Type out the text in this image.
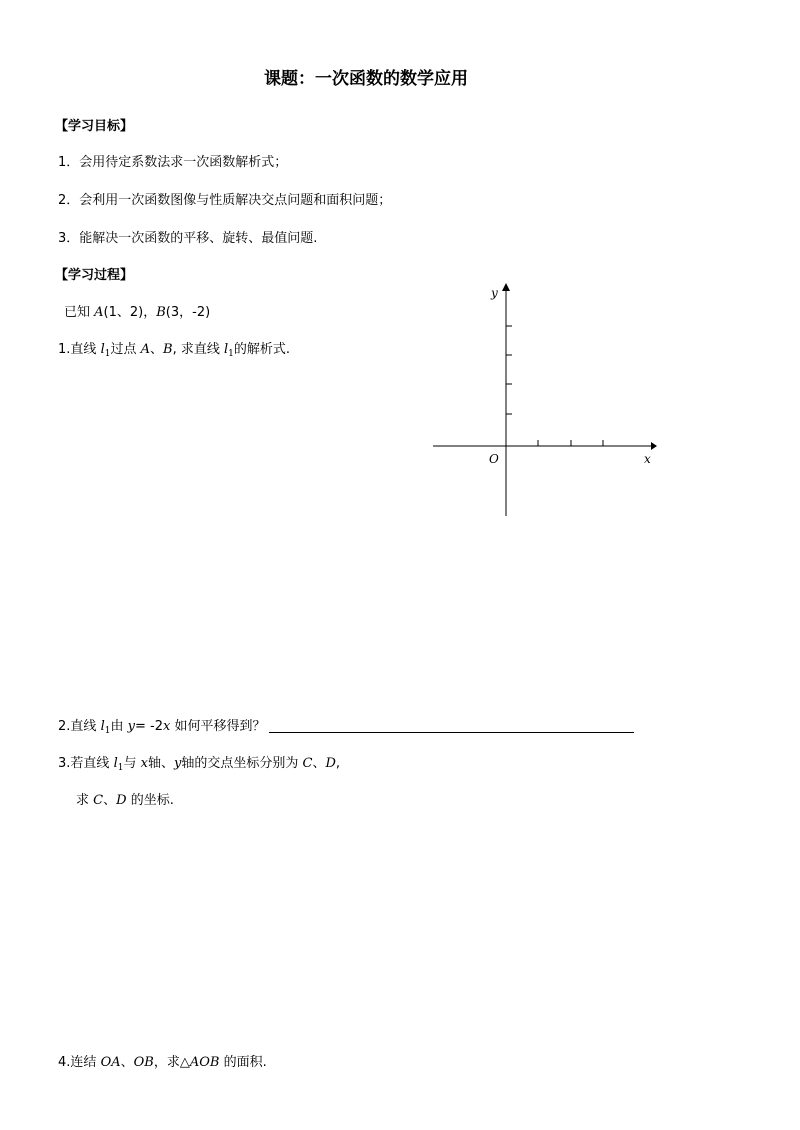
课题：一次函数的数学应用
【学习目标】
1．会用待定系数法求一次函数解析式；
2．会利用一次函数图像与性质解决交点问题和面积问题；
3．能解决一次函数的平移、旋转、最值问题.
【学习过程】
已知 A(1、2)，B(3，-2)
1.直线 $l_1$过点 A、B, 求直线 $l_1$的解析式.
y
x
O
2.直线 $l_1$由 y= -2x 如何平移得到？
3.若直线 $l_1$与 x轴、y轴的交点坐标分别为 C、D,
求 C、D 的坐标.
4.连结 OA、OB，求△AOB 的面积.
